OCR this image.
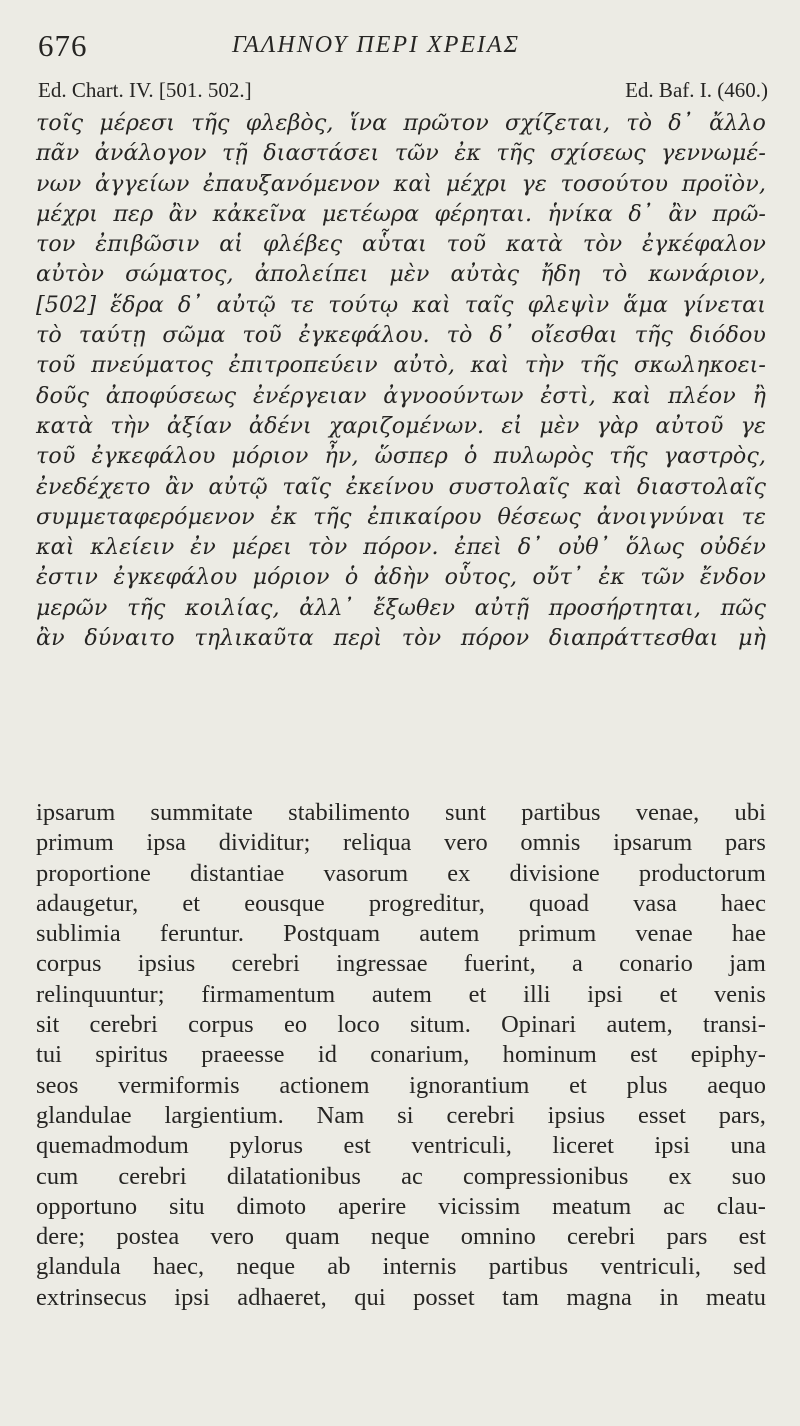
676	ΓΑΛΗΝΟΥ ΠΕΡΙ ΧΡΕΙΑΣ
Ed. Chart. IV. [501. 502.]	Ed. Baf. I. (460.)
τοῖς μέρεσι τῆς φλεβὸς, ἵνα πρῶτον σχίζεται, τὸ δ᾽ ἄλλο
πᾶν ἀνάλογον τῇ διαστάσει τῶν ἐκ τῆς σχίσεως γεννωμέ-
νων ἀγγείων ἐπαυξανόμενον καὶ μέχρι γε τοσούτου προϊὸν,
μέχρι περ ἂν κἀκεῖνα μετέωρα φέρηται. ἡνίκα δ᾽ ἂν πρῶ-
τον ἐπιβῶσιν αἱ φλέβες αὗται τοῦ κατὰ τὸν ἐγκέφαλον
αὐτὸν σώματος, ἀπολείπει μὲν αὐτὰς ἤδη τὸ κωνάριον,
[502] ἕδρα δ᾽ αὐτῷ τε τούτῳ καὶ ταῖς φλεψὶν ἅμα γίνεται
τὸ ταύτῃ σῶμα τοῦ ἐγκεφάλου. τὸ δ᾽ οἴεσθαι τῆς διόδου
τοῦ πνεύματος ἐπιτροπεύειν αὐτὸ, καὶ τὴν τῆς σκωληκοει-
δοῦς ἀποφύσεως ἐνέργειαν ἀγνοούντων ἐστὶ, καὶ πλέον ἢ
κατὰ τὴν ἀξίαν ἀδένι χαριζομένων. εἰ μὲν γὰρ αὐτοῦ γε
τοῦ ἐγκεφάλου μόριον ἦν, ὥσπερ ὁ πυλωρὸς τῆς γαστρὸς,
ἐνεδέχετο ἂν αὐτῷ ταῖς ἐκείνου συστολαῖς καὶ διαστολαῖς
συμμεταφερόμενον ἐκ τῆς ἐπικαίρου θέσεως ἀνοιγνύναι τε
καὶ κλείειν ἐν μέρει τὸν πόρον. ἐπεὶ δ᾽ οὐθ᾽ ὅλως οὐδέν
ἐστιν ἐγκεφάλου μόριον ὁ ἀδὴν οὗτος, οὔτ᾽ ἐκ τῶν ἔνδον
μερῶν τῆς κοιλίας, ἀλλ᾽ ἔξωθεν αὐτῇ προσήρτηται, πῶς
ἂν δύναιτο τηλικαῦτα περὶ τὸν πόρον διαπράττεσθαι μὴ
ipsarum summitate stabilimento sunt partibus venae, ubi
primum ipsa dividitur; reliqua vero omnis ipsarum pars
proportione distantiae vasorum ex divisione productorum
adaugetur, et eousque progreditur, quoad vasa haec
sublimia feruntur. Postquam autem primum venae hae
corpus ipsius cerebri ingressae fuerint, a conario jam
relinquuntur; firmamentum autem et illi ipsi et venis
sit cerebri corpus eo loco situm. Opinari autem, transi-
tui spiritus praeesse id conarium, hominum est epiphy-
seos vermiformis actionem ignorantium et plus aequo
glandulae largientium. Nam si cerebri ipsius esset pars,
quemadmodum pylorus est ventriculi, liceret ipsi una
cum cerebri dilatationibus ac compressionibus ex suo
opportuno situ dimoto aperire vicissim meatum ac clau-
dere; postea vero quam neque omnino cerebri pars est
glandula haec, neque ab internis partibus ventriculi, sed
extrinsecus ipsi adhaeret, qui posset tam magna in meatu
